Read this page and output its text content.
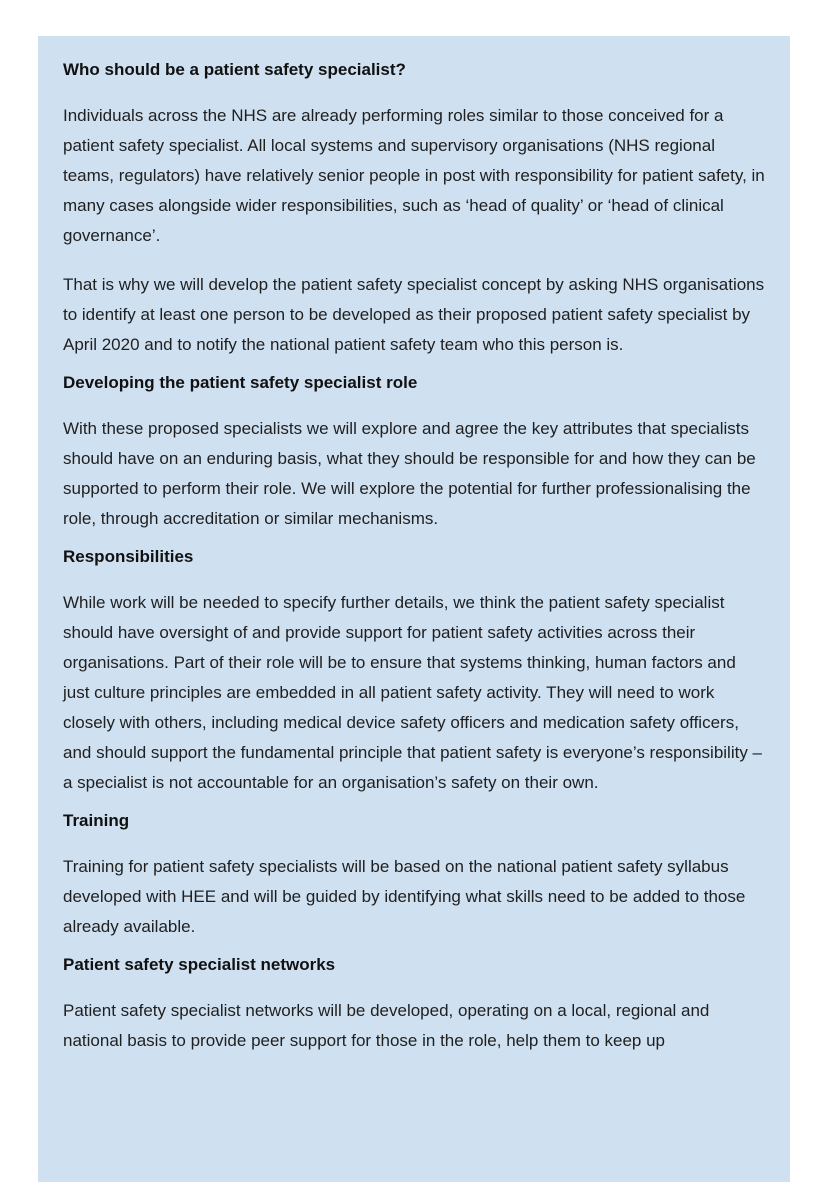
Who should be a patient safety specialist?

Individuals across the NHS are already performing roles similar to those conceived for a patient safety specialist. All local systems and supervisory organisations (NHS regional teams, regulators) have relatively senior people in post with responsibility for patient safety, in many cases alongside wider responsibilities, such as ‘head of quality’ or ‘head of clinical governance’.

That is why we will develop the patient safety specialist concept by asking NHS organisations to identify at least one person to be developed as their proposed patient safety specialist by April 2020 and to notify the national patient safety team who this person is.

Developing the patient safety specialist role

With these proposed specialists we will explore and agree the key attributes that specialists should have on an enduring basis, what they should be responsible for and how they can be supported to perform their role. We will explore the potential for further professionalising the role, through accreditation or similar mechanisms.

Responsibilities

While work will be needed to specify further details, we think the patient safety specialist should have oversight of and provide support for patient safety activities across their organisations. Part of their role will be to ensure that systems thinking, human factors and just culture principles are embedded in all patient safety activity. They will need to work closely with others, including medical device safety officers and medication safety officers, and should support the fundamental principle that patient safety is everyone’s responsibility – a specialist is not accountable for an organisation’s safety on their own.

Training

Training for patient safety specialists will be based on the national patient safety syllabus developed with HEE and will be guided by identifying what skills need to be added to those already available.

Patient safety specialist networks

Patient safety specialist networks will be developed, operating on a local, regional and national basis to provide peer support for those in the role, help them to keep up
